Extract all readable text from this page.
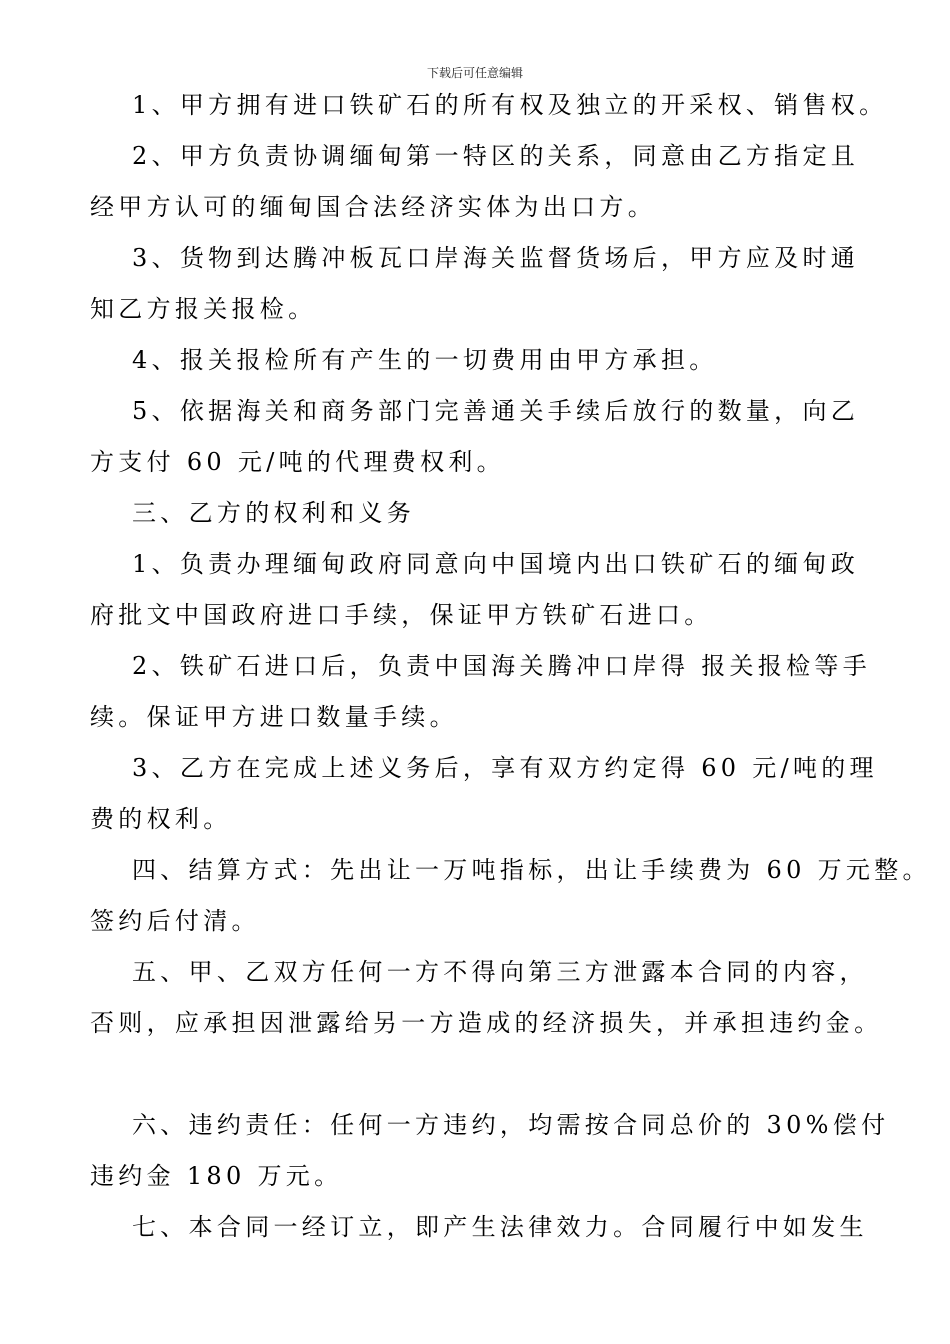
下载后可任意编辑
1、甲方拥有进口铁矿石的所有权及独立的开采权、销售权。
2、甲方负责协调缅甸第一特区的关系，同意由乙方指定且
经甲方认可的缅甸国合法经济实体为出口方。
3、货物到达腾冲板瓦口岸海关监督货场后，甲方应及时通
知乙方报关报检。
4、报关报检所有产生的一切费用由甲方承担。
5、依据海关和商务部门完善通关手续后放行的数量，向乙
方支付 60 元/吨的代理费权利。
三、乙方的权利和义务
1、负责办理缅甸政府同意向中国境内出口铁矿石的缅甸政
府批文中国政府进口手续，保证甲方铁矿石进口。
2、铁矿石进口后，负责中国海关腾冲口岸得 报关报检等手
续。保证甲方进口数量手续。
3、乙方在完成上述义务后，享有双方约定得 60 元/吨的理
费的权利。
四、结算方式：先出让一万吨指标，出让手续费为 60 万元整。
签约后付清。
五、甲、乙双方任何一方不得向第三方泄露本合同的内容，
否则，应承担因泄露给另一方造成的经济损失，并承担违约金。
六、违约责任：任何一方违约，均需按合同总价的 30%偿付
违约金 180 万元。
七、本合同一经订立，即产生法律效力。合同履行中如发生
